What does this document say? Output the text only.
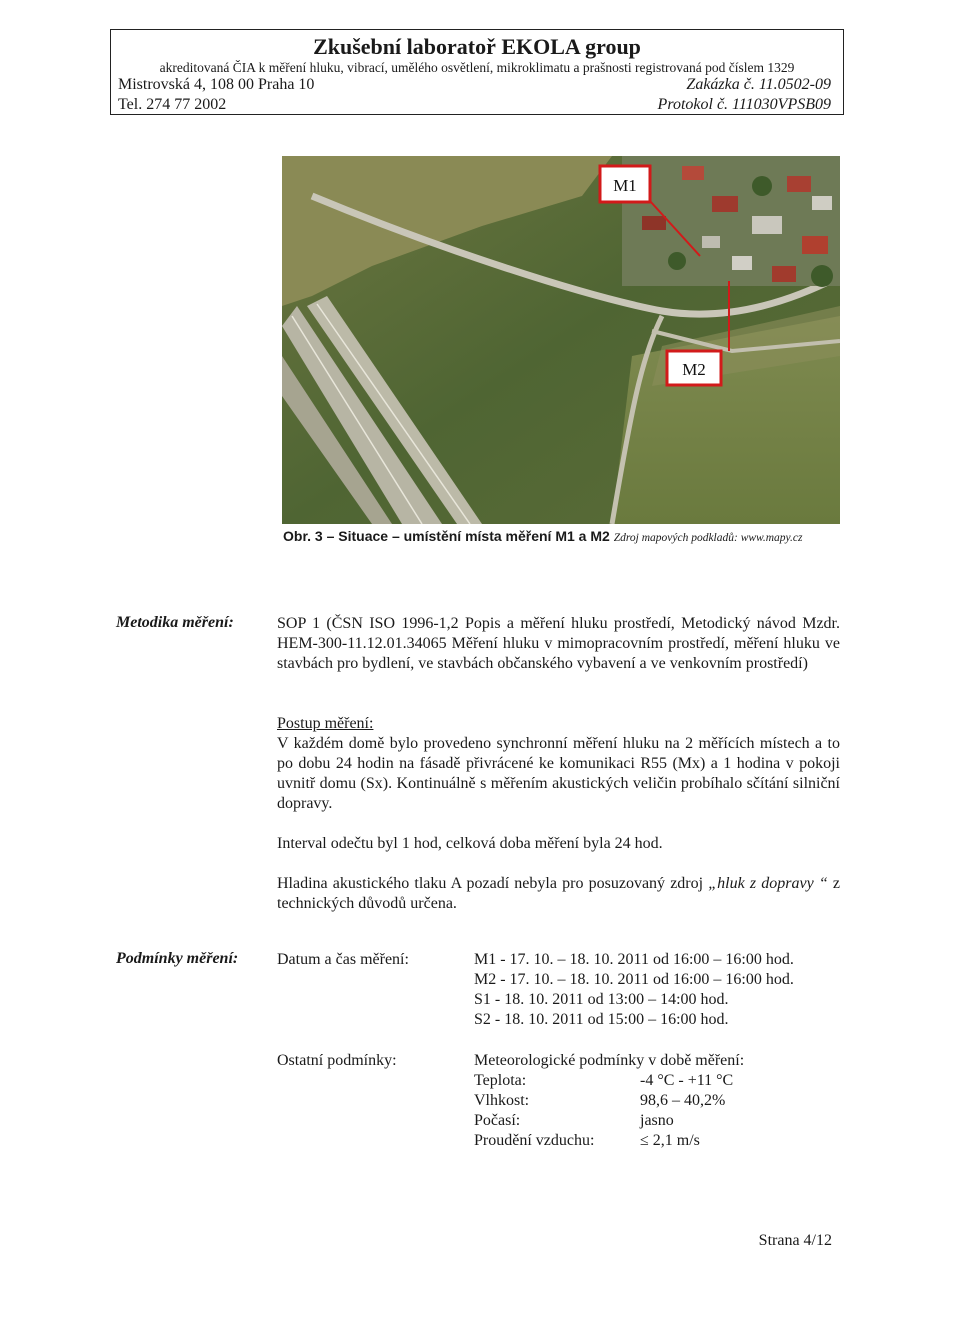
Zkušební laboratoř EKOLA group
akreditovaná ČIA k měření hluku, vibrací, umělého osvětlení, mikroklimatu a prašnosti registrovaná pod číslem 1329
Mistrovská 4, 108 00 Praha 10
Tel. 274 77 2002
Zakázka č. 11.0502-09
Protokol č. 111030VPSB09
M1
M2
Obr. 3 – Situace – umístění místa měření M1 a M2 Zdroj mapových podkladů: www.mapy.cz
Metodika měření:	SOP 1 (ČSN ISO 1996-1,2 Popis a měření hluku prostředí, Metodický návod Mzdr. HEM-300-11.12.01.34065 Měření hluku v mimopracovním prostředí, měření hluku ve stavbách pro bydlení, ve stavbách občanského vybavení a ve venkovním prostředí)
Postup měření:
V každém domě bylo provedeno synchronní měření hluku na 2 měřících místech a to po dobu 24 hodin na fásadě přivrácené ke komunikaci R55 (Mx) a 1 hodina v pokoji uvnitř domu (Sx). Kontinuálně s měřením akustických veličin probíhalo sčítání silniční dopravy.
Interval odečtu byl 1 hod, celková doba měření byla 24 hod.
Hladina akustického tlaku A pozadí nebyla pro posuzovaný zdroj „hluk z dopravy “ z technických důvodů určena.
Podmínky měření: Datum a čas měření:	M1 - 17. 10. – 18. 10. 2011 od 16:00 – 16:00 hod.
M2 - 17. 10. – 18. 10. 2011 od 16:00 – 16:00 hod.
S1 - 18. 10. 2011 od 13:00 – 14:00 hod.
S2 - 18. 10. 2011 od 15:00 – 16:00 hod.
Ostatní podmínky:	Meteorologické podmínky v době měření:
Teplota:	-4 °C - +11 °C
Vlhkost:	98,6 – 40,2%
Počasí:	jasno
Proudění vzduchu:	≤ 2,1 m/s
Strana 4/12
